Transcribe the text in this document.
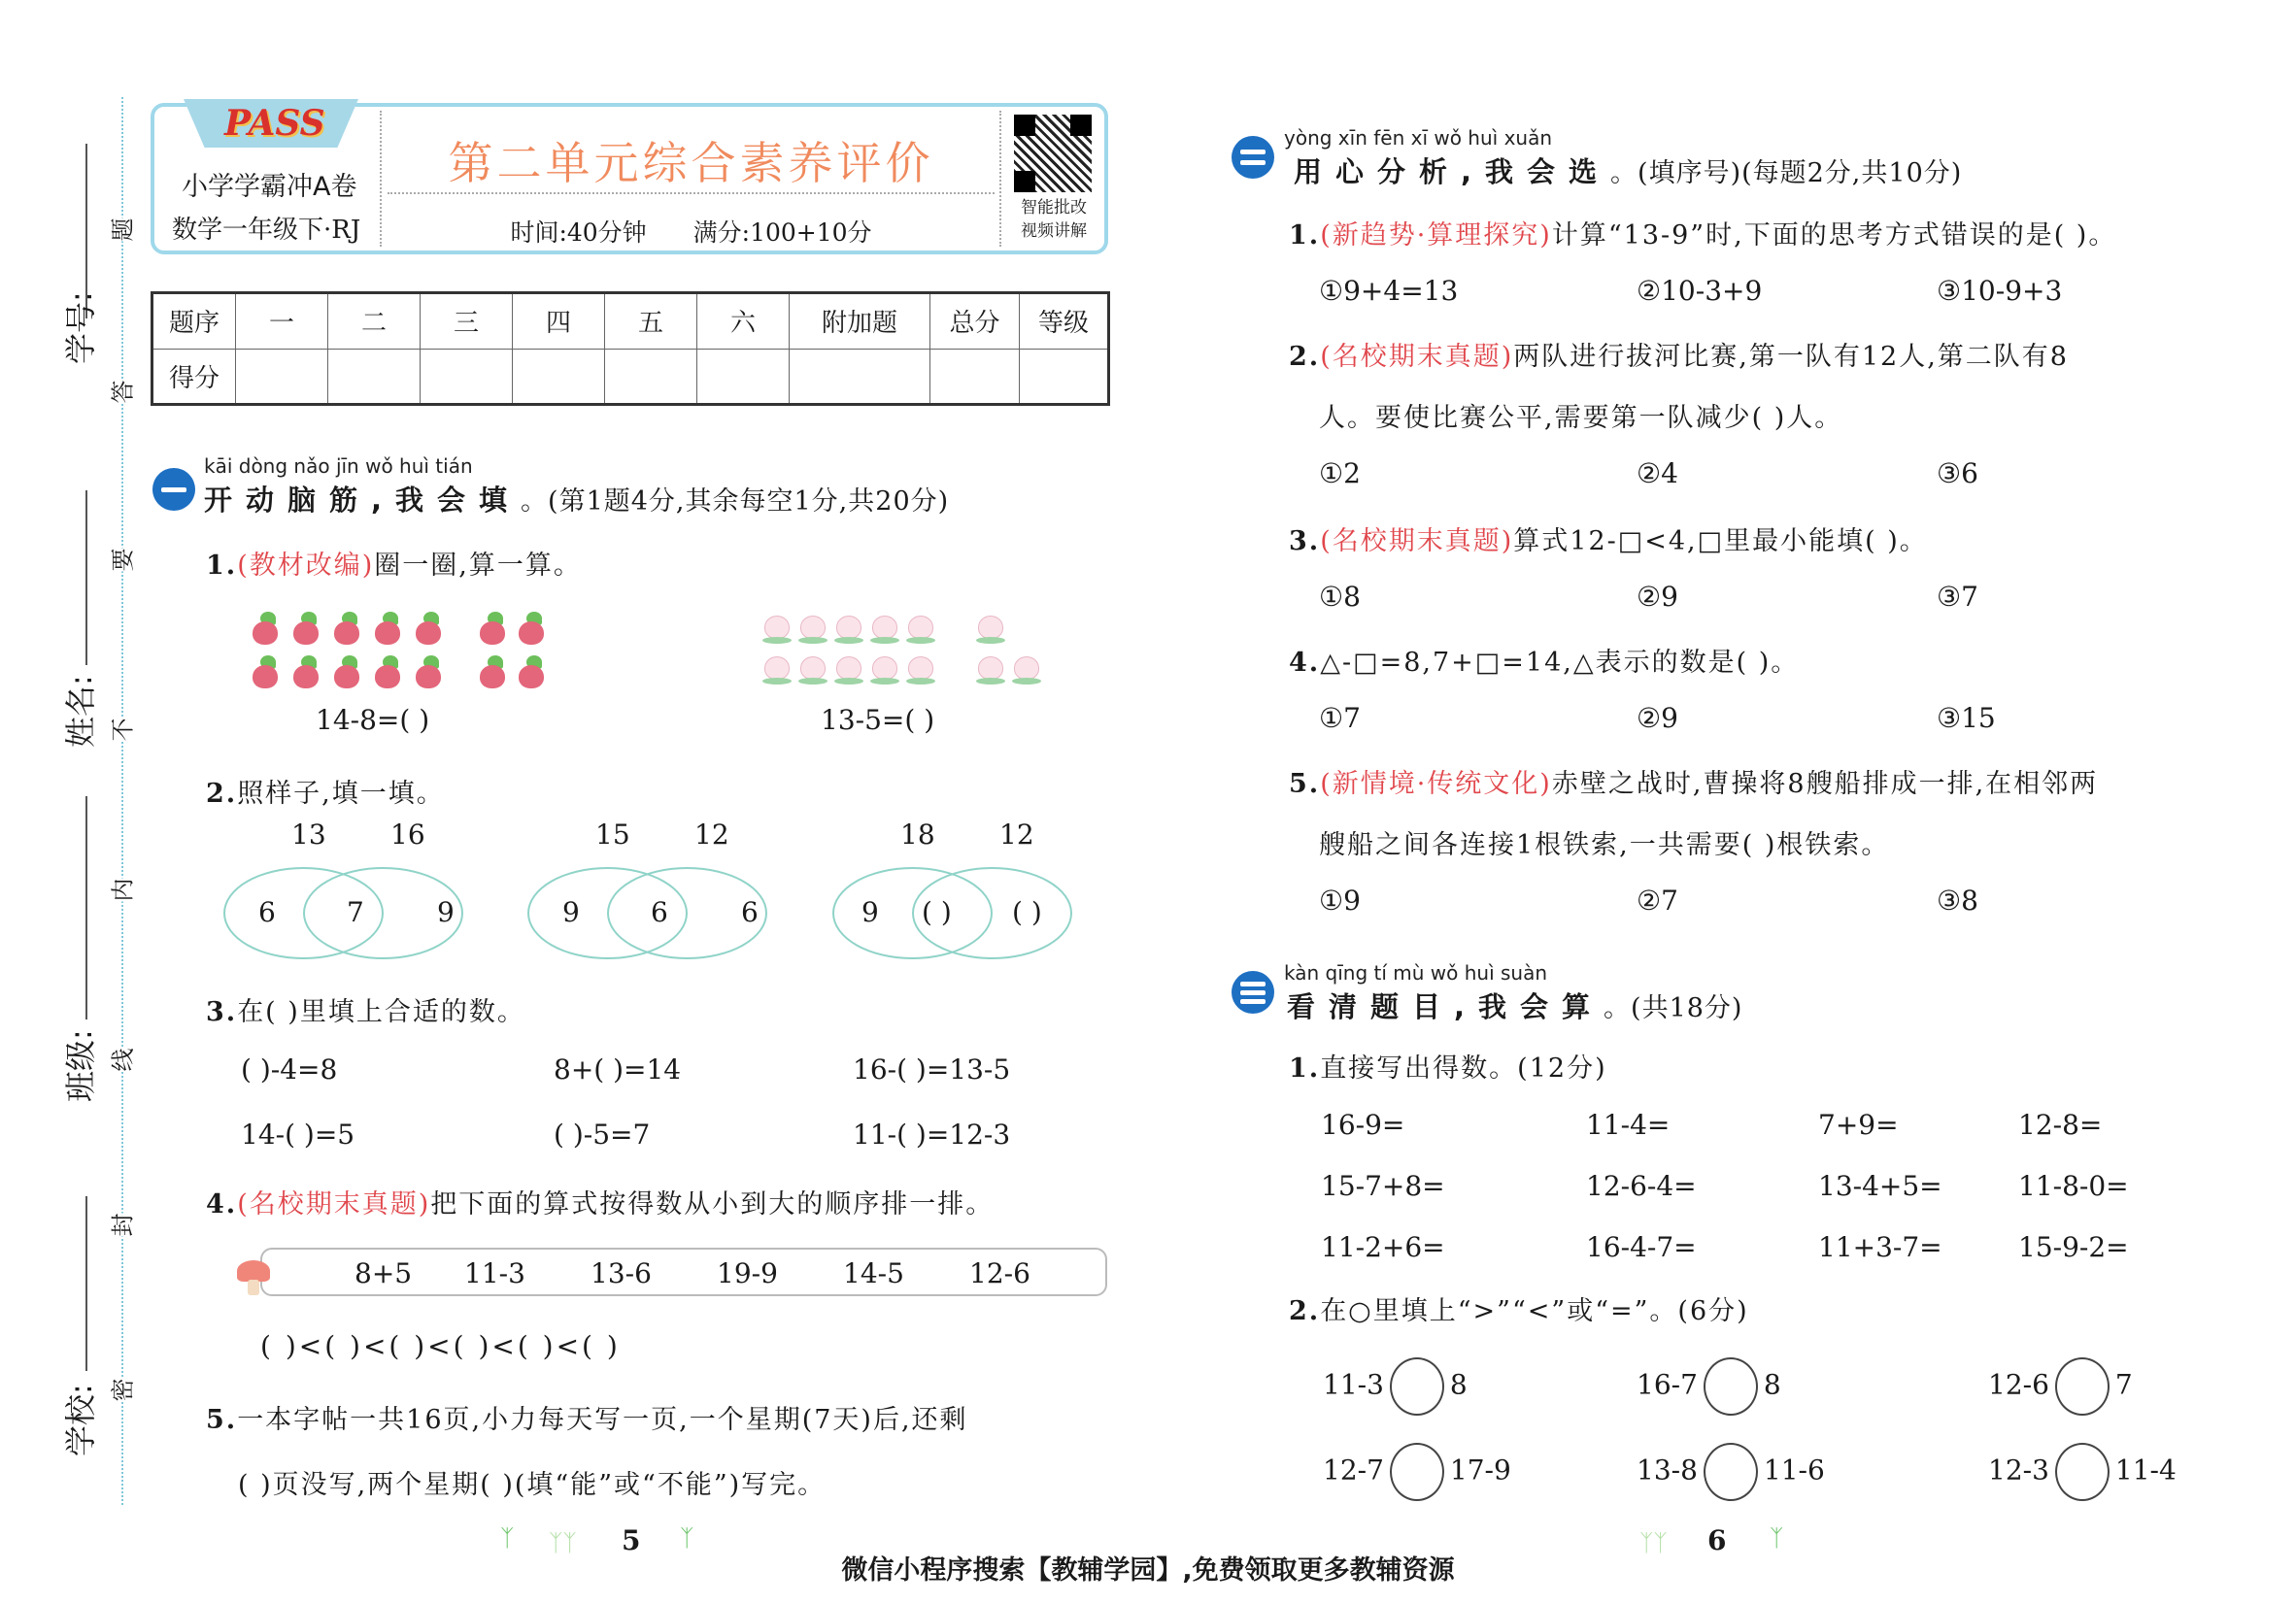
题
答
要
不
内
线
封
密
学号:
姓名:
班级:
学校:
PASS
小学学霸冲A卷
数学一年级下·RJ
第二单元综合素养评价
时间:40分钟 满分:100+10分
智能批改
视频讲解
题序	一	二	三	四	五	六	附加题	总分	等级
得分									
kāi dòng nǎo jīn wǒ huì tián
开动脑筋,我会填。(第1题4分,其余每空1分,共20分)
1.(教材改编)圈一圈,算一算。
14-8=( )	13-5=( )
2.照样子,填一填。
13 16
6	7	9
15 12
9	6	6
18 12
9 ( ) ( )
3.在( )里填上合适的数。
( )-4=8	8+( )=14	16-( )=13-5
14-( )=5	( )-5=7	11-( )=12-3
4.(名校期末真题)把下面的算式按得数从小到大的顺序排一排。
8+5 11-3 13-6 19-9 14-5 12-6
( )<( )<( )<( )<( )<( )
5.一本字帖一共16页,小力每天写一页,一个星期(7天)后,还剩
( )页没写,两个星期( )(填“能”或“不能”)写完。
ᛉ ᛉᛉ 5 ᛉ
yòng xīn fēn xī wǒ huì xuǎn
用心分析,我会选。(填序号)(每题2分,共10分)
1.(新趋势·算理探究)计算“13-9”时,下面的思考方式错误的是( )。
①9+4=13	②10-3+9	③10-9+3
2.(名校期末真题)两队进行拔河比赛,第一队有12人,第二队有8
人。要使比赛公平,需要第一队减少( )人。
①2	②4	③6
3.(名校期末真题)算式12-□<4,□里最小能填( )。
①8	②9	③7
4.△-□=8,7+□=14,△表示的数是( )。
①7	②9	③15
5.(新情境·传统文化)赤壁之战时,曹操将8艘船排成一排,在相邻两
艘船之间各连接1根铁索,一共需要( )根铁索。
①9	②7	③8
kàn qīng tí mù wǒ huì suàn
看清题目,我会算。(共18分)
1.直接写出得数。(12分)
16-9=	11-4=	7+9=	12-8=
15-7+8=	12-6-4=	13-4+5=	11-8-0=
11-2+6=	16-4-7=	11+3-7=	15-9-2=
2.在○里填上“>”“<”或“=”。(6分)
11-3 8	16-7 8	12-6 7
12-7 17-9	13-8 11-6	12-3 11-4
ᛉᛉ 6 ᛉ
微信小程序搜索【教辅学园】,免费领取更多教辅资源
